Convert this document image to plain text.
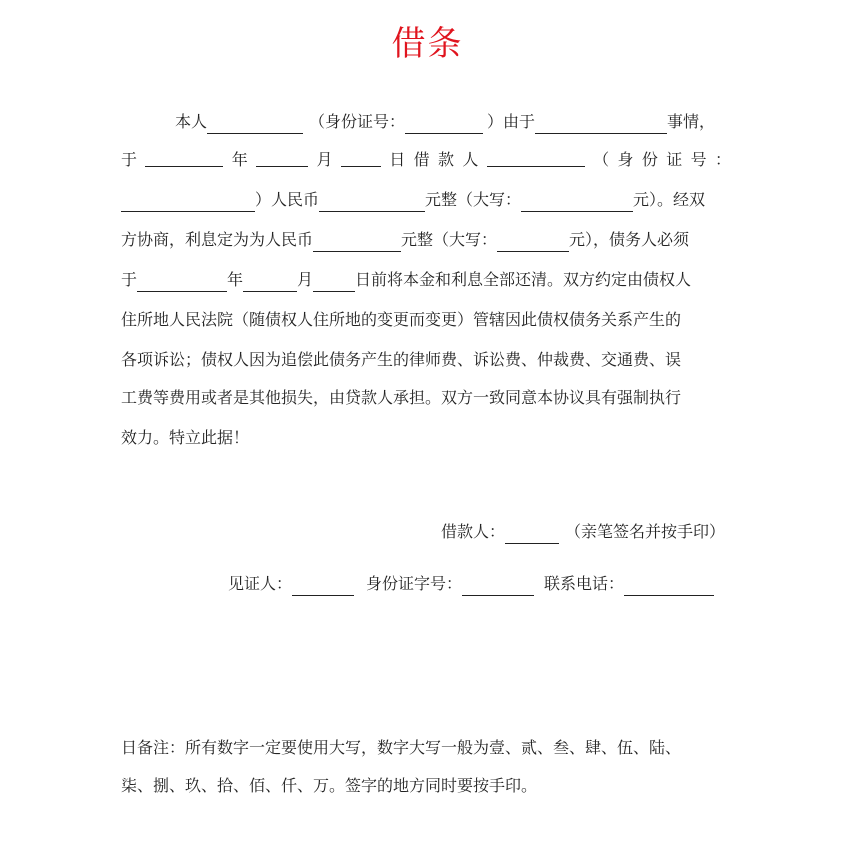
借条
本人	（身份证号：	）由于	事情，
于	年	月	日 借 款 人	（ 身 份 证 号 ：
）人民币	元整（大写：	元）。经双
方协商，利息定为为人民币	元整（大写：	元），债务人必须
于	年	月	日前将本金和利息全部还清。双方约定由债权人
住所地人民法院（随债权人住所地的变更而变更）管辖因此债权债务关系产生的
各项诉讼；债权人因为追偿此债务产生的律师费、诉讼费、仲裁费、交通费、误
工费等费用或者是其他损失，由贷款人承担。双方一致同意本协议具有强制执行
效力。特立此据！
借款人：	（亲笔签名并按手印）
见证人：	身份证字号：	联系电话：
日备注：所有数字一定要使用大写，数字大写一般为壹、贰、叁、肆、伍、陆、
柒、捌、玖、拾、佰、仟、万。签字的地方同时要按手印。
